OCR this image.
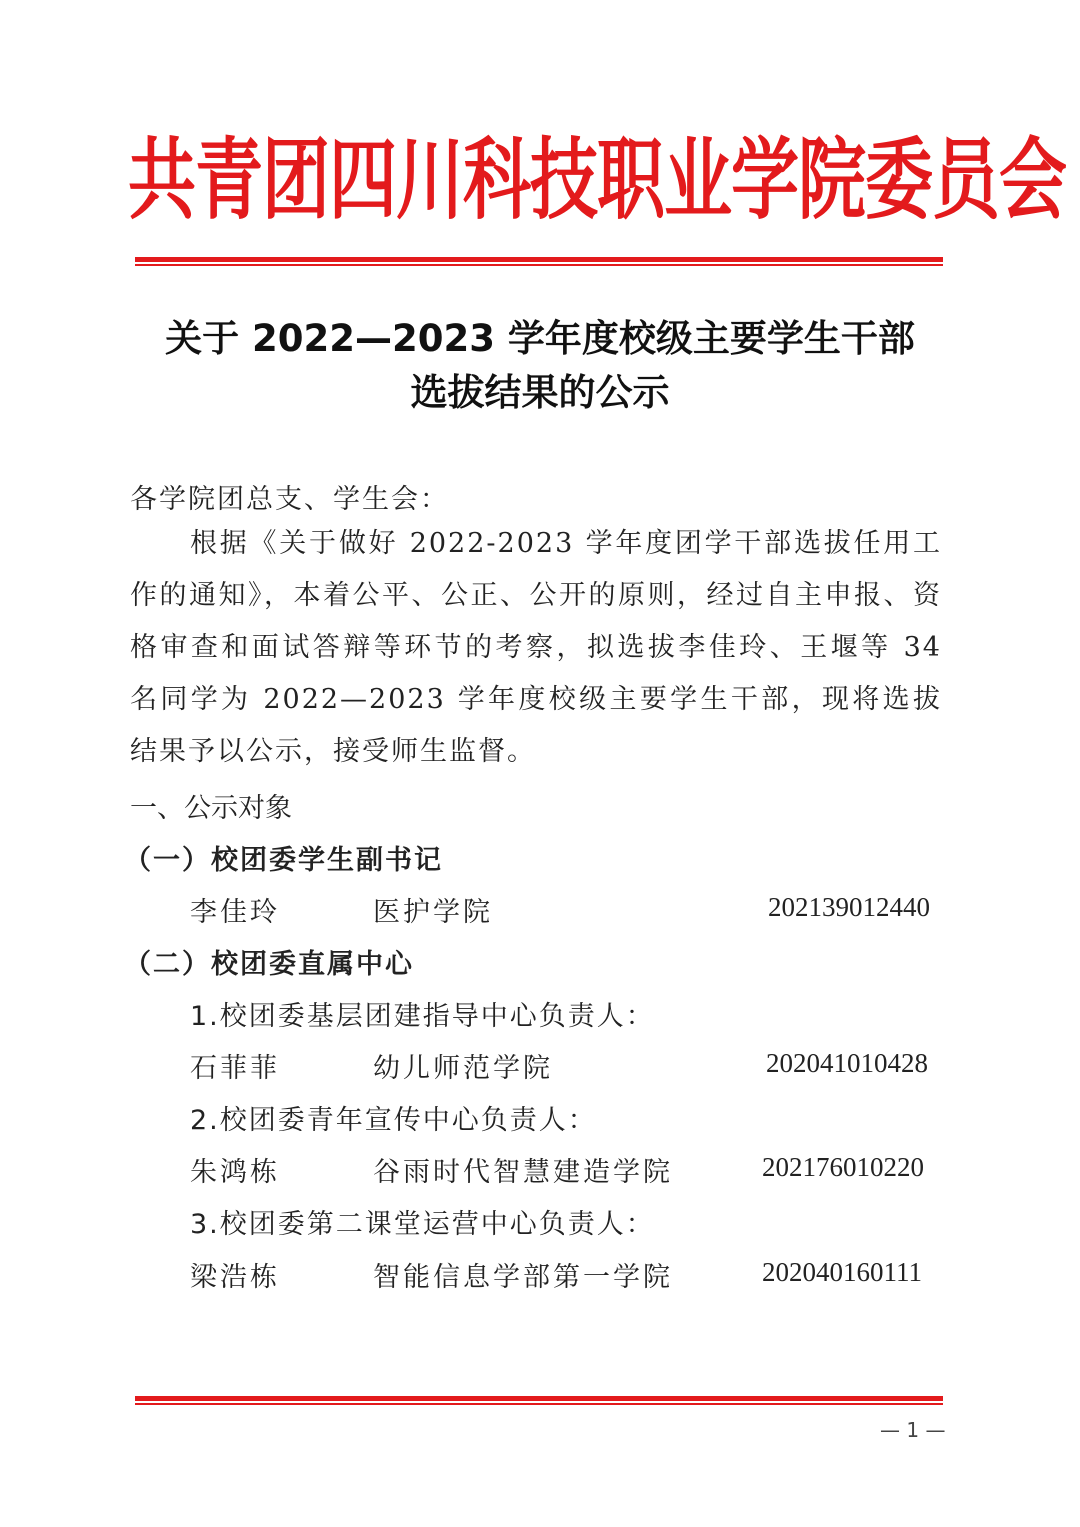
共青团四川科技职业学院委员会
关于 2022—2023 学年度校级主要学生干部
选拔结果的公示
各学院团总支、学生会：
根据《关于做好 2022-2023 学年度团学干部选拔任用工作的通知》，本着公平、公正、公开的原则，经过自主申报、资格审查和面试答辩等环节的考察，拟选拔李佳玲、王堰等 34 名同学为 2022—2023 学年度校级主要学生干部，现将选拔结果予以公示，接受师生监督。
一、公示对象
（一）校团委学生副书记
李佳玲	医护学院	202139012440
（二）校团委直属中心
1.校团委基层团建指导中心负责人：
石菲菲	幼儿师范学院	202041010428
2.校团委青年宣传中心负责人：
朱鸿栋	谷雨时代智慧建造学院	202176010220
3.校团委第二课堂运营中心负责人：
梁浩栋	智能信息学部第一学院	202040160111
— 1 —
